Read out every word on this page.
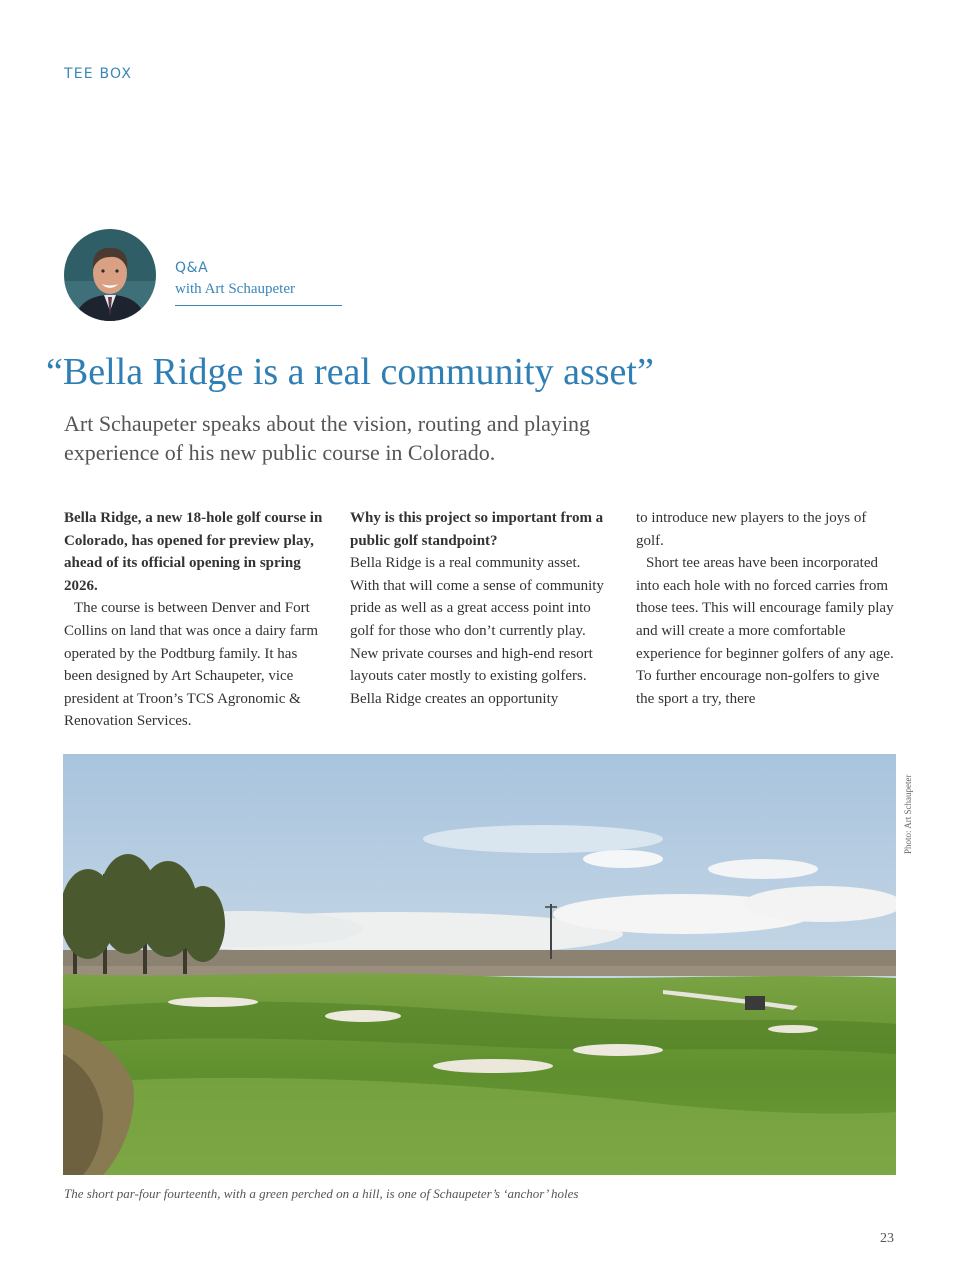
TEE BOX
Q&A
with Art Schaupeter
“Bella Ridge is a real community asset”

Art Schaupeter speaks about the vision, routing and playing experience of his new public course in Colorado.

Bella Ridge, a new 18-hole golf course in Colorado, has opened for preview play, ahead of its official opening in spring 2026.

The course is between Denver and Fort Collins on land that was once a dairy farm operated by the Podtburg family. It has been designed by Art Schaupeter, vice president at Troon’s TCS Agronomic & Renovation Services.

Why is this project so important from a public golf standpoint?

Bella Ridge is a real community asset. With that will come a sense of community pride as well as a great access point into golf for those who don’t currently play. New private courses and high-end resort layouts cater mostly to existing golfers. Bella Ridge creates an opportunity

to introduce new players to the joys of golf.

Short tee areas have been incorporated into each hole with no forced carries from those tees. This will encourage family play and will create a more comfortable experience for beginner golfers of any age. To further encourage non-golfers to give the sport a try, there

Photo: Art Schaupeter
The short par-four fourteenth, with a green perched on a hill, is one of Schaupeter’s ‘anchor’ holes
23
